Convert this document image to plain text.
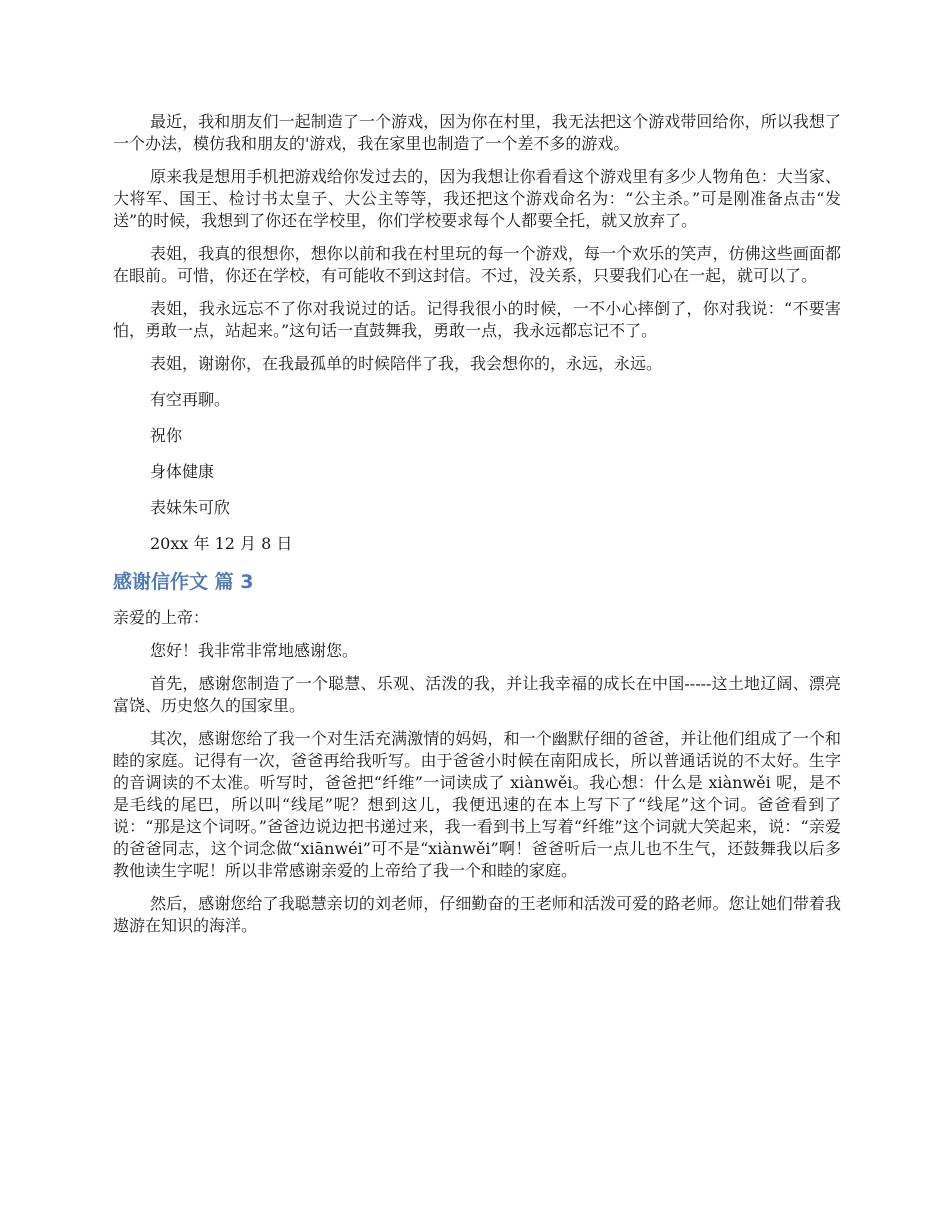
最近，我和朋友们一起制造了一个游戏，因为你在村里，我无法把这个游戏带回给你，所以我想了一个办法，模仿我和朋友的'游戏，我在家里也制造了一个差不多的游戏。

原来我是想用手机把游戏给你发过去的，因为我想让你看看这个游戏里有多少人物角色：大当家、大将军、国王、检讨书太皇子、大公主等等，我还把这个游戏命名为：“公主杀。”可是刚准备点击“发送”的时候，我想到了你还在学校里，你们学校要求每个人都要全托，就又放弃了。

表姐，我真的很想你，想你以前和我在村里玩的每一个游戏，每一个欢乐的笑声，仿佛这些画面都在眼前。可惜，你还在学校，有可能收不到这封信。不过，没关系，只要我们心在一起，就可以了。

表姐，我永远忘不了你对我说过的话。记得我很小的时候，一不小心摔倒了，你对我说：“不要害怕，勇敢一点，站起来。”这句话一直鼓舞我，勇敢一点，我永远都忘记不了。

表姐，谢谢你，在我最孤单的时候陪伴了我，我会想你的，永远，永远。

有空再聊。

祝你

身体健康

表妹朱可欣

20xx 年 12 月 8 日

感谢信作文 篇 3

亲爱的上帝：

您好！我非常非常地感谢您。

首先，感谢您制造了一个聪慧、乐观、活泼的我，并让我幸福的成长在中国-----这土地辽阔、漂亮富饶、历史悠久的国家里。

其次，感谢您给了我一个对生活充满激情的妈妈，和一个幽默仔细的爸爸，并让他们组成了一个和睦的家庭。记得有一次，爸爸再给我听写。由于爸爸小时候在南阳成长，所以普通话说的不太好。生字的音调读的不太准。听写时，爸爸把“纤维”一词读成了 xiànwěi。我心想：什么是 xiànwěi 呢，是不是毛线的尾巴，所以叫“线尾”呢？想到这儿，我便迅速的在本上写下了“线尾”这个词。爸爸看到了说：“那是这个词呀。”爸爸边说边把书递过来，我一看到书上写着“纤维”这个词就大笑起来，说：“亲爱的爸爸同志，这个词念做“xiānwéi”可不是“xiànwěi”啊！爸爸听后一点儿也不生气，还鼓舞我以后多教他读生字呢！所以非常感谢亲爱的上帝给了我一个和睦的家庭。

然后，感谢您给了我聪慧亲切的刘老师，仔细勤奋的王老师和活泼可爱的路老师。您让她们带着我遨游在知识的海洋。
